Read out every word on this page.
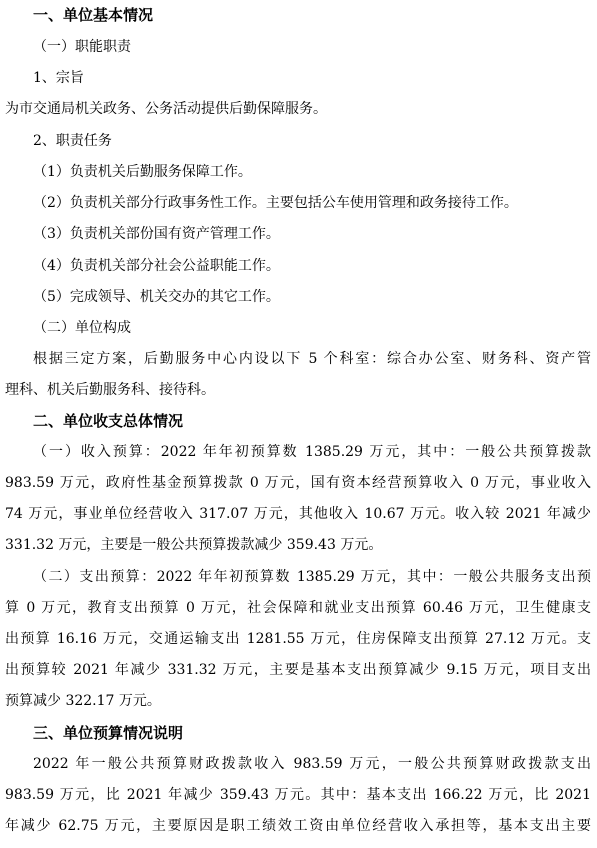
一、单位基本情况
（一）职能职责
1、宗旨
为市交通局机关政务、公务活动提供后勤保障服务。
2、职责任务
（1）负责机关后勤服务保障工作。
（2）负责机关部分行政事务性工作。主要包括公车使用管理和政务接待工作。
（3）负责机关部份国有资产管理工作。
（4）负责机关部分社会公益职能工作。
（5）完成领导、机关交办的其它工作。
（二）单位构成
根据三定方案，后勤服务中心内设以下 5 个科室：综合办公室、财务科、资产管
理科、机关后勤服务科、接待科。
二、单位收支总体情况
（一）收入预算：2022 年年初预算数 1385.29 万元，其中：一般公共预算拨款
983.59 万元，政府性基金预算拨款 0 万元，国有资本经营预算收入 0 万元，事业收入
74 万元，事业单位经营收入 317.07 万元，其他收入 10.67 万元。收入较 2021 年减少
331.32 万元，主要是一般公共预算拨款减少 359.43 万元。
（二）支出预算：2022 年年初预算数 1385.29 万元，其中：一般公共服务支出预
算 0 万元，教育支出预算 0 万元，社会保障和就业支出预算 60.46 万元，卫生健康支
出预算 16.16 万元，交通运输支出 1281.55 万元，住房保障支出预算 27.12 万元。支
出预算较 2021 年减少 331.32 万元，主要是基本支出预算减少 9.15 万元，项目支出
预算减少 322.17 万元。
三、单位预算情况说明
2022 年一般公共预算财政拨款收入 983.59 万元，一般公共预算财政拨款支出
983.59 万元，比 2021 年减少 359.43 万元。其中：基本支出 166.22 万元，比 2021
年减少 62.75 万元，主要原因是职工绩效工资由单位经营收入承担等，基本支出主要
